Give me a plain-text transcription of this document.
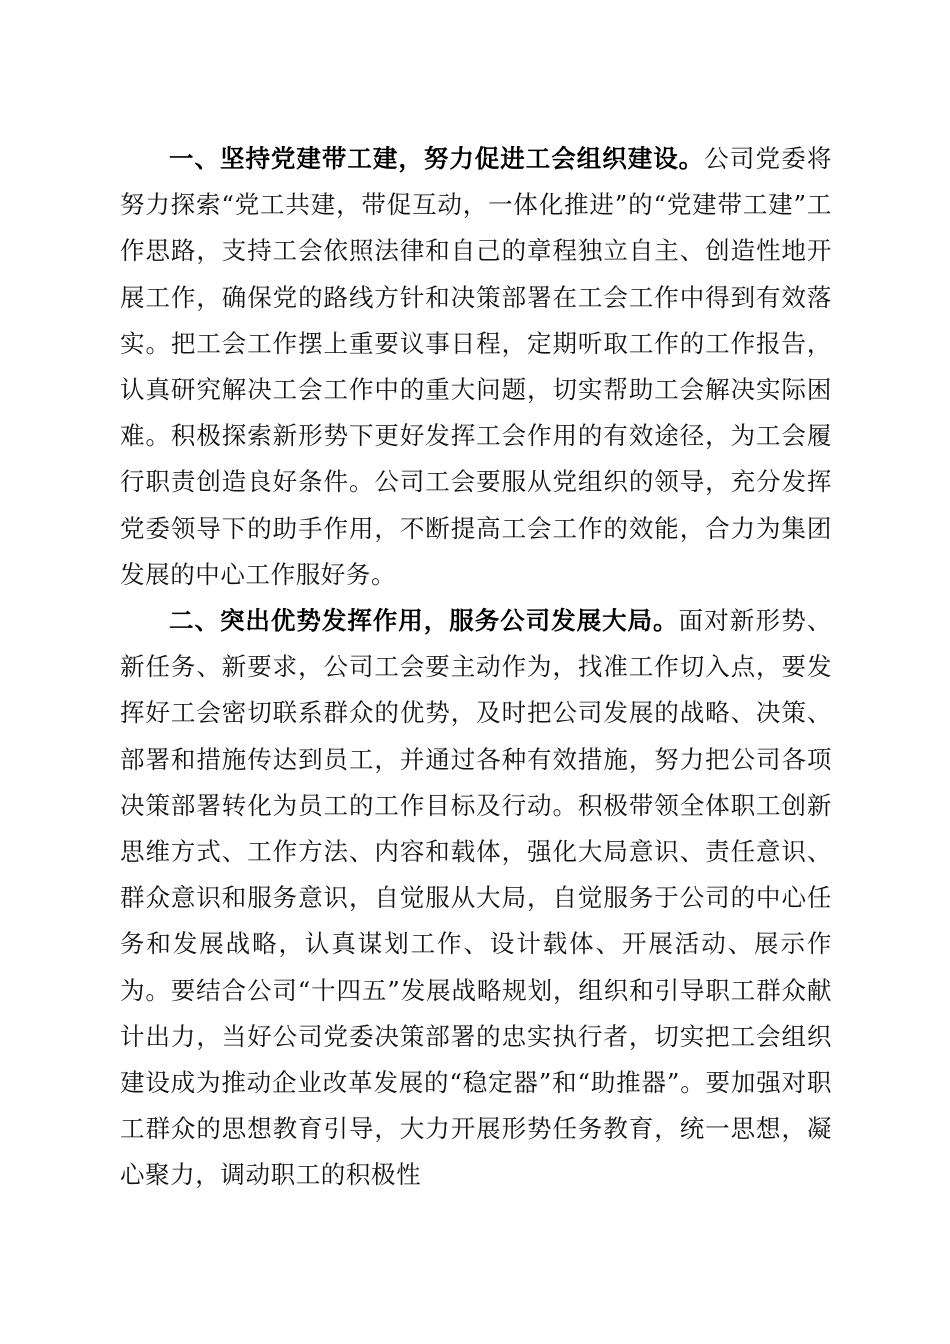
一、坚持党建带工建，努力促进工会组织建设。公司党委将努力探索“党工共建，带促互动，一体化推进”的“党建带工建”工作思路，支持工会依照法律和自己的章程独立自主、创造性地开展工作，确保党的路线方针和决策部署在工会工作中得到有效落实。把工会工作摆上重要议事日程，定期听取工作的工作报告，认真研究解决工会工作中的重大问题，切实帮助工会解决实际困难。积极探索新形势下更好发挥工会作用的有效途径，为工会履行职责创造良好条件。公司工会要服从党组织的领导，充分发挥党委领导下的助手作用，不断提高工会工作的效能，合力为集团发展的中心工作服好务。

二、突出优势发挥作用，服务公司发展大局。面对新形势、新任务、新要求，公司工会要主动作为，找准工作切入点，要发挥好工会密切联系群众的优势，及时把公司发展的战略、决策、部署和措施传达到员工，并通过各种有效措施，努力把公司各项决策部署转化为员工的工作目标及行动。积极带领全体职工创新思维方式、工作方法、内容和载体，强化大局意识、责任意识、群众意识和服务意识，自觉服从大局，自觉服务于公司的中心任务和发展战略，认真谋划工作、设计载体、开展活动、展示作为。要结合公司“十四五”发展战略规划，组织和引导职工群众献计出力，当好公司党委决策部署的忠实执行者，切实把工会组织建设成为推动企业改革发展的“稳定器”和“助推器”。要加强对职工群众的思想教育引导，大力开展形势任务教育，统一思想，凝心聚力，调动职工的积极性
